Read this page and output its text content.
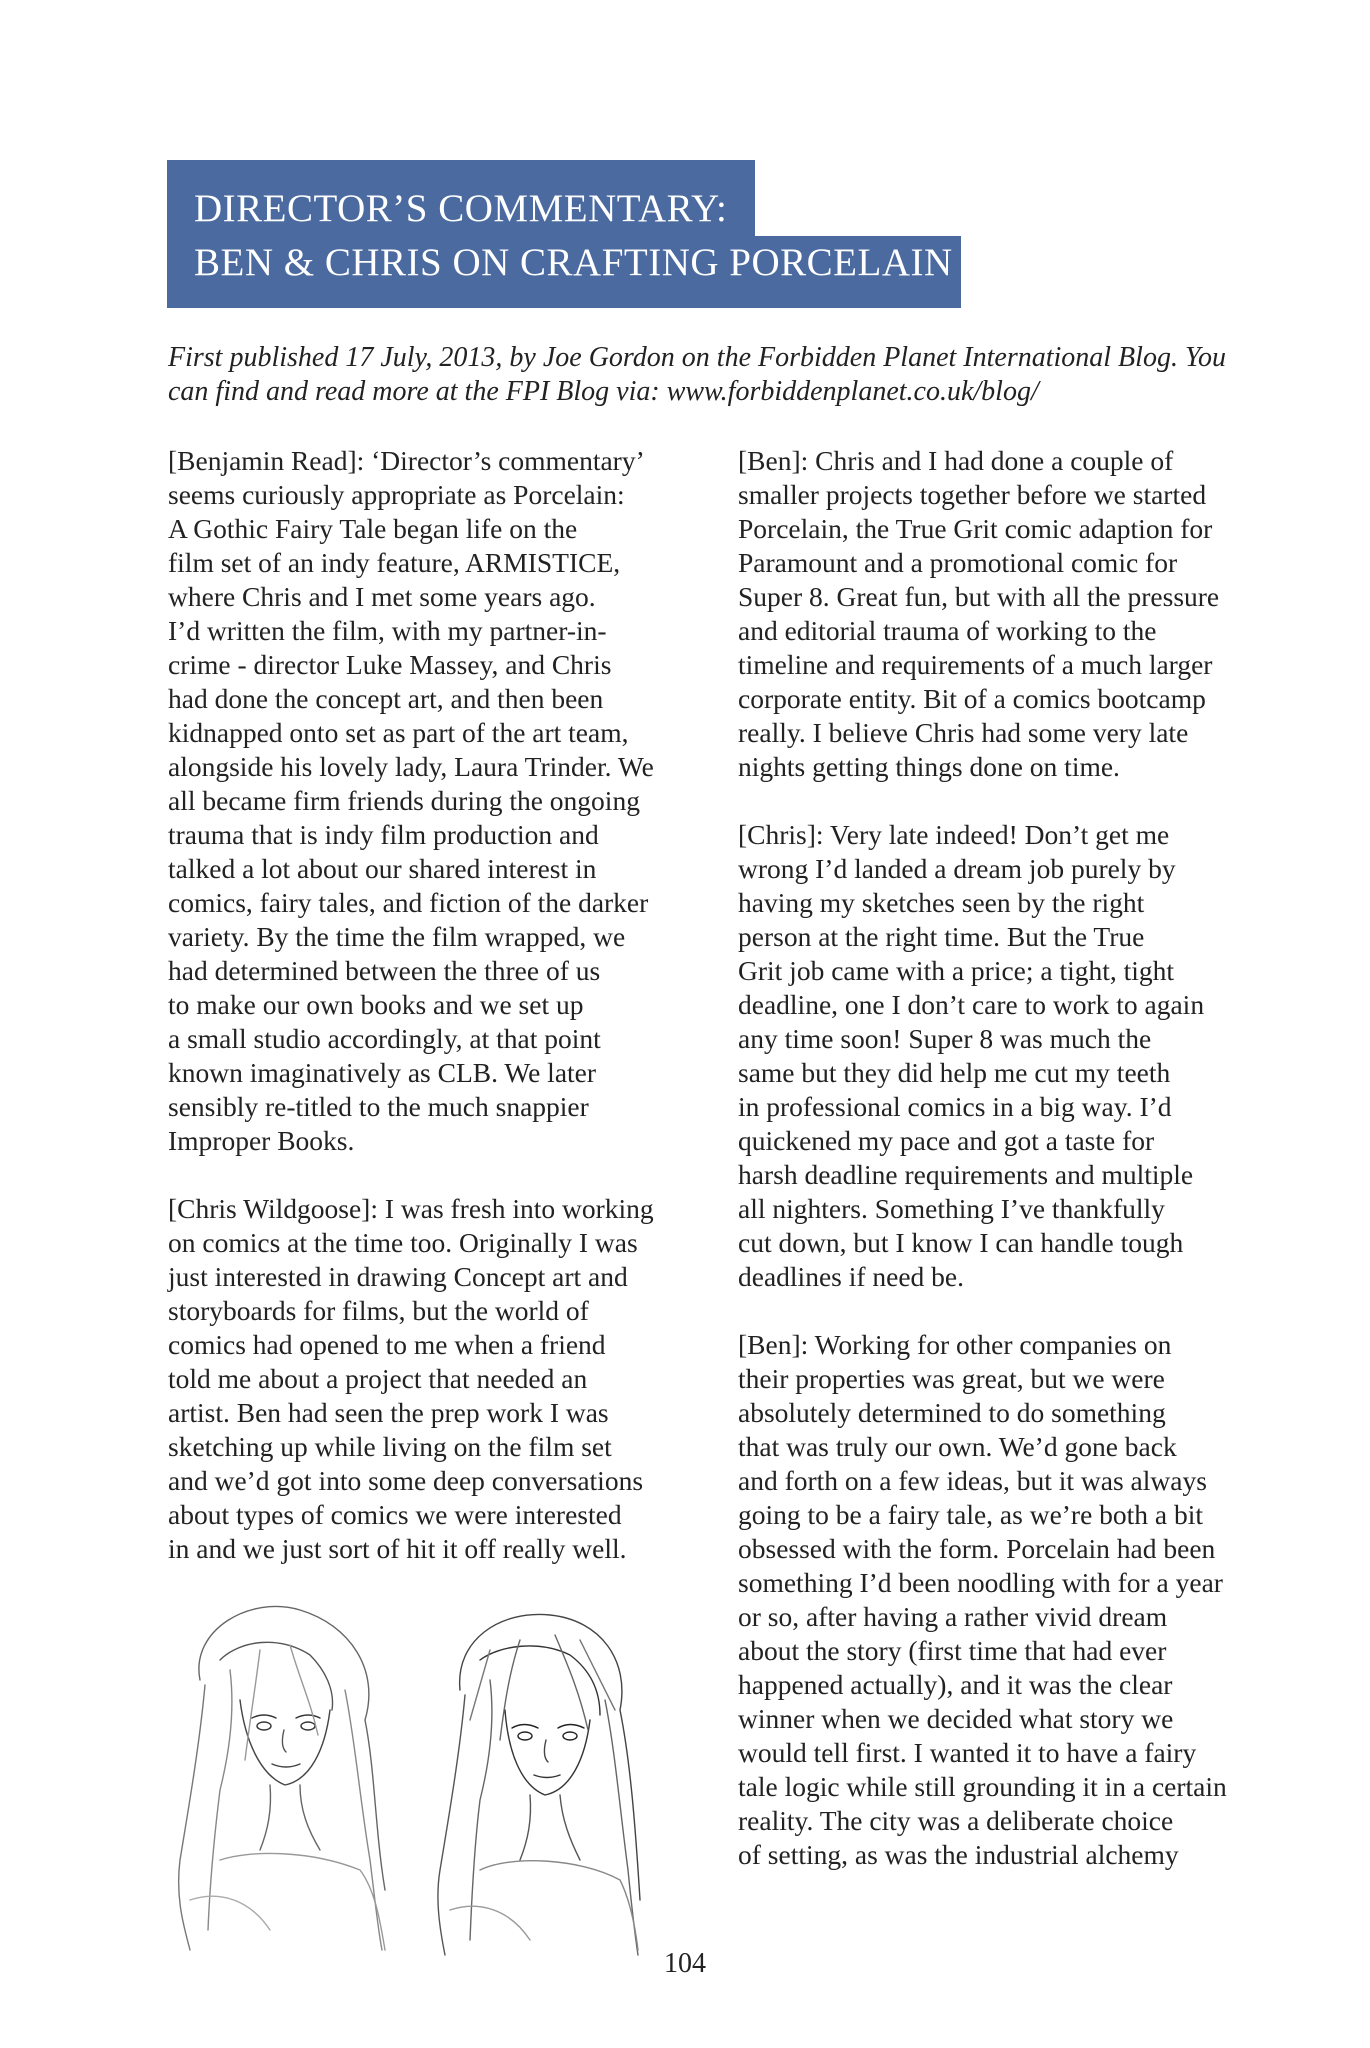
DIRECTOR’S COMMENTARY:
BEN & CHRIS ON CRAFTING PORCELAIN
First published 17 July, 2013, by Joe Gordon on the Forbidden Planet International Blog. You
can find and read more at the FPI Blog via: www.forbiddenplanet.co.uk/blog/

[Benjamin Read]: ‘Director’s commentary’
seems curiously appropriate as Porcelain:
A Gothic Fairy Tale began life on the
film set of an indy feature, ARMISTICE,
where Chris and I met some years ago.
I’d written the film, with my partner-in-
crime - director Luke Massey, and Chris
had done the concept art, and then been
kidnapped onto set as part of the art team,
alongside his lovely lady, Laura Trinder. We
all became firm friends during the ongoing
trauma that is indy film production and
talked a lot about our shared interest in
comics, fairy tales, and fiction of the darker
variety. By the time the film wrapped, we
had determined between the three of us
to make our own books and we set up
a small studio accordingly, at that point
known imaginatively as CLB. We later
sensibly re-titled to the much snappier
Improper Books.

[Chris Wildgoose]: I was fresh into working
on comics at the time too. Originally I was
just interested in drawing Concept art and
storyboards for films, but the world of
comics had opened to me when a friend
told me about a project that needed an
artist. Ben had seen the prep work I was
sketching up while living on the film set
and we’d got into some deep conversations
about types of comics we were interested
in and we just sort of hit it off really well.

[Ben]: Chris and I had done a couple of
smaller projects together before we started
Porcelain, the True Grit comic adaption for
Paramount and a promotional comic for
Super 8. Great fun, but with all the pressure
and editorial trauma of working to the
timeline and requirements of a much larger
corporate entity. Bit of a comics bootcamp
really. I believe Chris had some very late
nights getting things done on time.

[Chris]: Very late indeed! Don’t get me
wrong I’d landed a dream job purely by
having my sketches seen by the right
person at the right time. But the True
Grit job came with a price; a tight, tight
deadline, one I don’t care to work to again
any time soon! Super 8 was much the
same but they did help me cut my teeth
in professional comics in a big way. I’d
quickened my pace and got a taste for
harsh deadline requirements and multiple
all nighters. Something I’ve thankfully
cut down, but I know I can handle tough
deadlines if need be.

[Ben]: Working for other companies on
their properties was great, but we were
absolutely determined to do something
that was truly our own. We’d gone back
and forth on a few ideas, but it was always
going to be a fairy tale, as we’re both a bit
obsessed with the form. Porcelain had been
something I’d been noodling with for a year
or so, after having a rather vivid dream
about the story (first time that had ever
happened actually), and it was the clear
winner when we decided what story we
would tell first. I wanted it to have a fairy
tale logic while still grounding it in a certain
reality. The city was a deliberate choice
of setting, as was the industrial alchemy

104
